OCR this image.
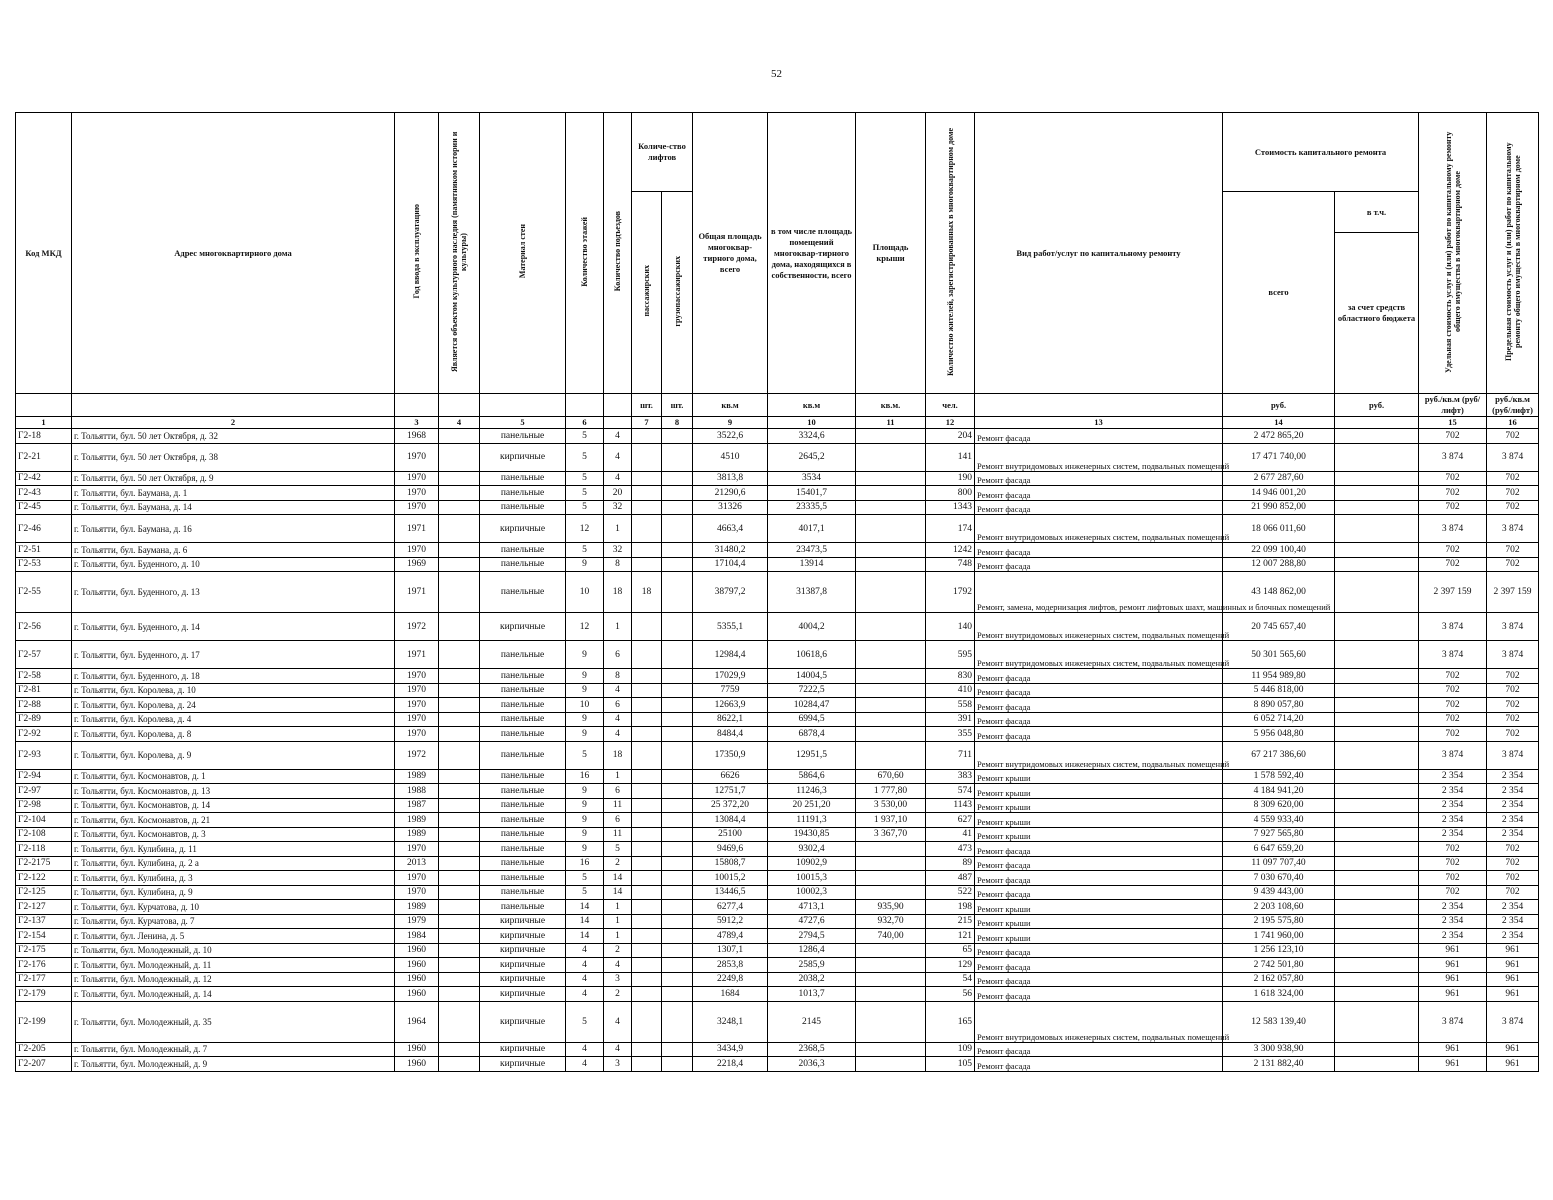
52
Код МКД	Адрес многоквартирного дома	Год ввода в эксплуатацию	Является объектом культурного наследия (памятником истории и культуры)	Материал стен	Количество этажей	Количество подъездов	Количе-ство лифтов		Общая площадь многоквар-тирного дома, всего	в том числе площадь помещений многоквар-тирного дома, находящихся в собственности, всего	Площадь крыши	Количество жителей, зарегистрированных в многоквартирном доме	Вид работ/услуг по капитальному ремонту	Стоимость капитального ремонта		Удельная стоимость услуг и (или) работ по капитальному ремонту общего имущества в многоквартирном доме	Предельная стоимость услуг и (или) работ по капитальному ремонту общего имущества в многоквартирном доме
							пассажирских	грузопассажирских						всего	в т.ч.		
															за счет средств областного бюджета		
							шт.	шт.	кв.м	кв.м	кв.м.	чел.		руб.	руб.	руб./кв.м (руб/лифт)	руб./кв.м (руб/лифт)
1	2	3	4	5	6		7	8	9	10	11	12	13	14		15	16
Г2-18	г. Тольятти, бул. 50 лет Октября, д. 32	1968		панельные	5	4			3522,6	3324,6		204	Ремонт фасада	2 472 865,20		702	702
Г2-21	г. Тольятти, бул. 50 лет Октября, д. 38	1970		кирпичные	5	4			4510	2645,2		141	Ремонт внутридомовых инженерных систем, подвальных помещений	17 471 740,00		3 874	3 874
Г2-42	г. Тольятти, бул. 50 лет Октября, д. 9	1970		панельные	5	4			3813,8	3534		190	Ремонт фасада	2 677 287,60		702	702
Г2-43	г. Тольятти, бул. Баумана, д. 1	1970		панельные	5	20			21290,6	15401,7		800	Ремонт фасада	14 946 001,20		702	702
Г2-45	г. Тольятти, бул. Баумана, д. 14	1970		панельные	5	32			31326	23335,5		1343	Ремонт фасада	21 990 852,00		702	702
Г2-46	г. Тольятти, бул. Баумана, д. 16	1971		кирпичные	12	1			4663,4	4017,1		174	Ремонт внутридомовых инженерных систем, подвальных помещений	18 066 011,60		3 874	3 874
Г2-51	г. Тольятти, бул. Баумана, д. 6	1970		панельные	5	32			31480,2	23473,5		1242	Ремонт фасада	22 099 100,40		702	702
Г2-53	г. Тольятти, бул. Буденного, д. 10	1969		панельные	9	8			17104,4	13914		748	Ремонт фасада	12 007 288,80		702	702
Г2-55	г. Тольятти, бул. Буденного, д. 13	1971		панельные	10	18	18		38797,2	31387,8		1792	Ремонт, замена, модернизация лифтов, ремонт лифтовых шахт, машинных и блочных помещений	43 148 862,00		2 397 159	2 397 159
Г2-56	г. Тольятти, бул. Буденного, д. 14	1972		кирпичные	12	1			5355,1	4004,2		140	Ремонт внутридомовых инженерных систем, подвальных помещений	20 745 657,40		3 874	3 874
Г2-57	г. Тольятти, бул. Буденного, д. 17	1971		панельные	9	6			12984,4	10618,6		595	Ремонт внутридомовых инженерных систем, подвальных помещений	50 301 565,60		3 874	3 874
Г2-58	г. Тольятти, бул. Буденного, д. 18	1970		панельные	9	8			17029,9	14004,5		830	Ремонт фасада	11 954 989,80		702	702
Г2-81	г. Тольятти, бул. Королева, д. 10	1970		панельные	9	4			7759	7222,5		410	Ремонт фасада	5 446 818,00		702	702
Г2-88	г. Тольятти, бул. Королева, д. 24	1970		панельные	10	6			12663,9	10284,47		558	Ремонт фасада	8 890 057,80		702	702
Г2-89	г. Тольятти, бул. Королева, д. 4	1970		панельные	9	4			8622,1	6994,5		391	Ремонт фасада	6 052 714,20		702	702
Г2-92	г. Тольятти, бул. Королева, д. 8	1970		панельные	9	4			8484,4	6878,4		355	Ремонт фасада	5 956 048,80		702	702
Г2-93	г. Тольятти, бул. Королева, д. 9	1972		панельные	5	18			17350,9	12951,5		711	Ремонт внутридомовых инженерных систем, подвальных помещений	67 217 386,60		3 874	3 874
Г2-94	г. Тольятти, бул. Космонавтов, д. 1	1989		панельные	16	1			6626	5864,6	670,60	383	Ремонт крыши	1 578 592,40		2 354	2 354
Г2-97	г. Тольятти, бул. Космонавтов, д. 13	1988		панельные	9	6			12751,7	11246,3	1 777,80	574	Ремонт крыши	4 184 941,20		2 354	2 354
Г2-98	г. Тольятти, бул. Космонавтов, д. 14	1987		панельные	9	11			25 372,20	20 251,20	3 530,00	1143	Ремонт крыши	8 309 620,00		2 354	2 354
Г2-104	г. Тольятти, бул. Космонавтов, д. 21	1989		панельные	9	6			13084,4	11191,3	1 937,10	627	Ремонт крыши	4 559 933,40		2 354	2 354
Г2-108	г. Тольятти, бул. Космонавтов, д. 3	1989		панельные	9	11			25100	19430,85	3 367,70	41	Ремонт крыши	7 927 565,80		2 354	2 354
Г2-118	г. Тольятти, бул. Кулибина, д. 11	1970		панельные	9	5			9469,6	9302,4		473	Ремонт фасада	6 647 659,20		702	702
Г2-2175	г. Тольятти, бул. Кулибина, д. 2 а	2013		панельные	16	2			15808,7	10902,9		89	Ремонт фасада	11 097 707,40		702	702
Г2-122	г. Тольятти, бул. Кулибина, д. 3	1970		панельные	5	14			10015,2	10015,3		487	Ремонт фасада	7 030 670,40		702	702
Г2-125	г. Тольятти, бул. Кулибина, д. 9	1970		панельные	5	14			13446,5	10002,3		522	Ремонт фасада	9 439 443,00		702	702
Г2-127	г. Тольятти, бул. Курчатова, д. 10	1989		панельные	14	1			6277,4	4713,1	935,90	198	Ремонт крыши	2 203 108,60		2 354	2 354
Г2-137	г. Тольятти, бул. Курчатова, д. 7	1979		кирпичные	14	1			5912,2	4727,6	932,70	215	Ремонт крыши	2 195 575,80		2 354	2 354
Г2-154	г. Тольятти, бул. Ленина, д. 5	1984		кирпичные	14	1			4789,4	2794,5	740,00	121	Ремонт крыши	1 741 960,00		2 354	2 354
Г2-175	г. Тольятти, бул. Молодежный, д. 10	1960		кирпичные	4	2			1307,1	1286,4		65	Ремонт фасада	1 256 123,10		961	961
Г2-176	г. Тольятти, бул. Молодежный, д. 11	1960		кирпичные	4	4			2853,8	2585,9		129	Ремонт фасада	2 742 501,80		961	961
Г2-177	г. Тольятти, бул. Молодежный, д. 12	1960		кирпичные	4	3			2249,8	2038,2		54	Ремонт фасада	2 162 057,80		961	961
Г2-179	г. Тольятти, бул. Молодежный, д. 14	1960		кирпичные	4	2			1684	1013,7		56	Ремонт фасада	1 618 324,00		961	961
Г2-199	г. Тольятти, бул. Молодежный, д. 35	1964		кирпичные	5	4			3248,1	2145		165	Ремонт внутридомовых инженерных систем, подвальных помещений	12 583 139,40		3 874	3 874
Г2-205	г. Тольятти, бул. Молодежный, д. 7	1960		кирпичные	4	4			3434,9	2368,5		109	Ремонт фасада	3 300 938,90		961	961
Г2-207	г. Тольятти, бул. Молодежный, д. 9	1960		кирпичные	4	3			2218,4	2036,3		105	Ремонт фасада	2 131 882,40		961	961
